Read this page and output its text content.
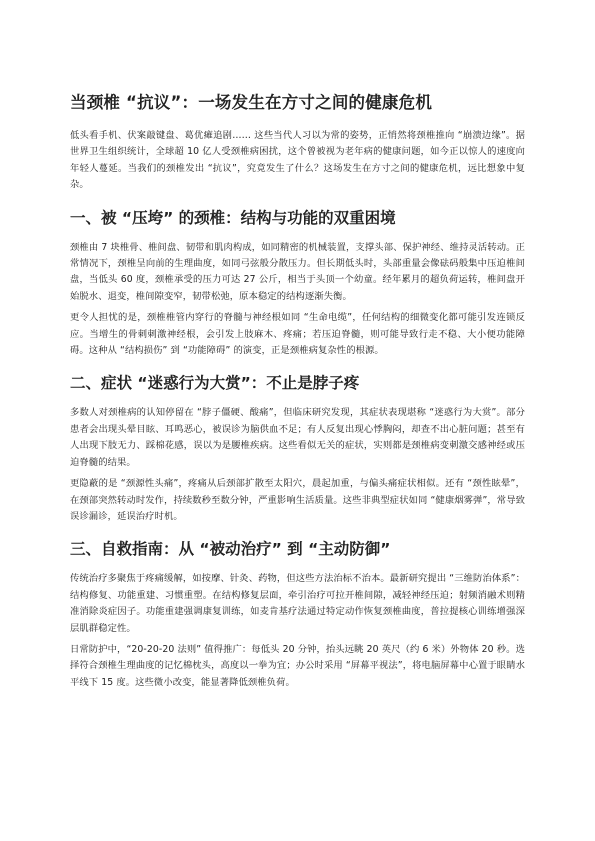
当颈椎 “抗议”：一场发生在方寸之间的健康危机

低头看手机、伏案敲键盘、葛优瘫追剧…… 这些当代人习以为常的姿势，正悄然将颈椎推向 “崩溃边缘”。据世界卫生组织统计，全球超 10 亿人受颈椎病困扰，这个曾被视为老年病的健康问题，如今正以惊人的速度向年轻人蔓延。当我们的颈椎发出 “抗议”，究竟发生了什么？这场发生在方寸之间的健康危机，远比想象中复杂。

一、被 “压垮” 的颈椎：结构与功能的双重困境

颈椎由 7 块椎骨、椎间盘、韧带和肌肉构成，如同精密的机械装置，支撑头部、保护神经、维持灵活转动。正常情况下，颈椎呈向前的生理曲度，如同弓弦般分散压力。但长期低头时，头部重量会像砝码般集中压迫椎间盘，当低头 60 度，颈椎承受的压力可达 27 公斤，相当于头顶一个幼童。经年累月的超负荷运转，椎间盘开始脱水、退变，椎间隙变窄，韧带松弛，原本稳定的结构逐渐失衡。

更令人担忧的是，颈椎椎管内穿行的脊髓与神经根如同 “生命电缆”，任何结构的细微变化都可能引发连锁反应。当增生的骨刺刺激神经根，会引发上肢麻木、疼痛；若压迫脊髓，则可能导致行走不稳、大小便功能障碍。这种从 “结构损伤” 到 “功能障碍” 的演变，正是颈椎病复杂性的根源。

二、症状 “迷惑行为大赏”：不止是脖子疼

多数人对颈椎病的认知停留在 “脖子僵硬、酸痛”，但临床研究发现，其症状表现堪称 “迷惑行为大赏”。部分患者会出现头晕目眩、耳鸣恶心，被误诊为脑供血不足；有人反复出现心悸胸闷，却查不出心脏问题；甚至有人出现下肢无力、踩棉花感，误以为是腰椎疾病。这些看似无关的症状，实则都是颈椎病变刺激交感神经或压迫脊髓的结果。

更隐蔽的是 “颈源性头痛”，疼痛从后颈部扩散至太阳穴，晨起加重，与偏头痛症状相似。还有 “颈性眩晕”，在颈部突然转动时发作，持续数秒至数分钟，严重影响生活质量。这些非典型症状如同 “健康烟雾弹”，常导致误诊漏诊，延误治疗时机。

三、自救指南：从 “被动治疗” 到 “主动防御”

传统治疗多聚焦于疼痛缓解，如按摩、针灸、药物，但这些方法治标不治本。最新研究提出 “三维防治体系”：结构修复、功能重建、习惯重塑。在结构修复层面，牵引治疗可拉开椎间隙，减轻神经压迫；射频消融术则精准消除炎症因子。功能重建强调康复训练，如麦肯基疗法通过特定动作恢复颈椎曲度，普拉提核心训练增强深层肌群稳定性。

日常防护中，“20-20-20 法则” 值得推广：每低头 20 分钟，抬头远眺 20 英尺（约 6 米）外物体 20 秒。选择符合颈椎生理曲度的记忆棉枕头，高度以一拳为宜；办公时采用 “屏幕平视法”，将电脑屏幕中心置于眼睛水平线下 15 度。这些微小改变，能显著降低颈椎负荷。
